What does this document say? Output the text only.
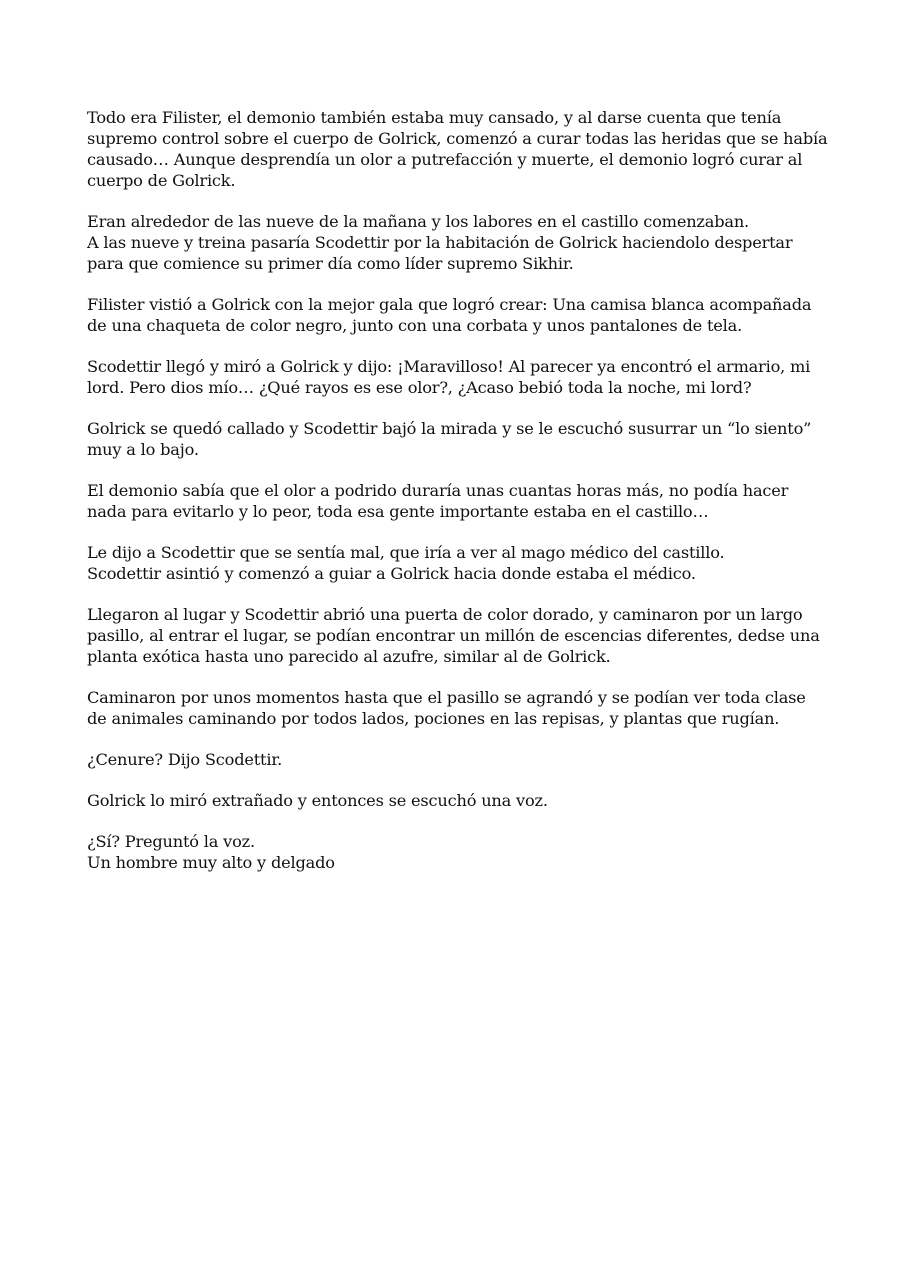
Todo era Filister, el demonio también estaba muy cansado, y al darse cuenta que tenía
supremo control sobre el cuerpo de Golrick, comenzó a curar todas las heridas que se había
causado… Aunque desprendía un olor a putrefacción y muerte, el demonio logró curar al
cuerpo de Golrick.

Eran alrededor de las nueve de la mañana y los labores en el castillo comenzaban.
A las nueve y treina pasaría Scodettir por la habitación de Golrick haciendolo despertar
para que comience su primer día como líder supremo Sikhir.

Filister vistió a Golrick con la mejor gala que logró crear: Una camisa blanca acompañada
de una chaqueta de color negro, junto con una corbata y unos pantalones de tela.

Scodettir llegó y miró a Golrick y dijo: ¡Maravilloso! Al parecer ya encontró el armario, mi
lord. Pero dios mío… ¿Qué rayos es ese olor?, ¿Acaso bebió toda la noche, mi lord?

Golrick se quedó callado y Scodettir bajó la mirada y se le escuchó susurrar un “lo siento”
muy a lo bajo.

El demonio sabía que el olor a podrido duraría unas cuantas horas más, no podía hacer
nada para evitarlo y lo peor, toda esa gente importante estaba en el castillo…

Le dijo a Scodettir que se sentía mal, que iría a ver al mago médico del castillo.
Scodettir asintió y comenzó a guiar a Golrick hacia donde estaba el médico.

Llegaron al lugar y Scodettir abrió una puerta de color dorado, y caminaron por un largo
pasillo, al entrar el lugar, se podían encontrar un millón de escencias diferentes, dedse una
planta exótica hasta uno parecido al azufre, similar al de Golrick.

Caminaron por unos momentos hasta que el pasillo se agrandó y se podían ver toda clase
de animales caminando por todos lados, pociones en las repisas, y plantas que rugían.

¿Cenure? Dijo Scodettir.

Golrick lo miró extrañado y entonces se escuchó una voz.

¿Sí? Preguntó la voz.
Un hombre muy alto y delgado
